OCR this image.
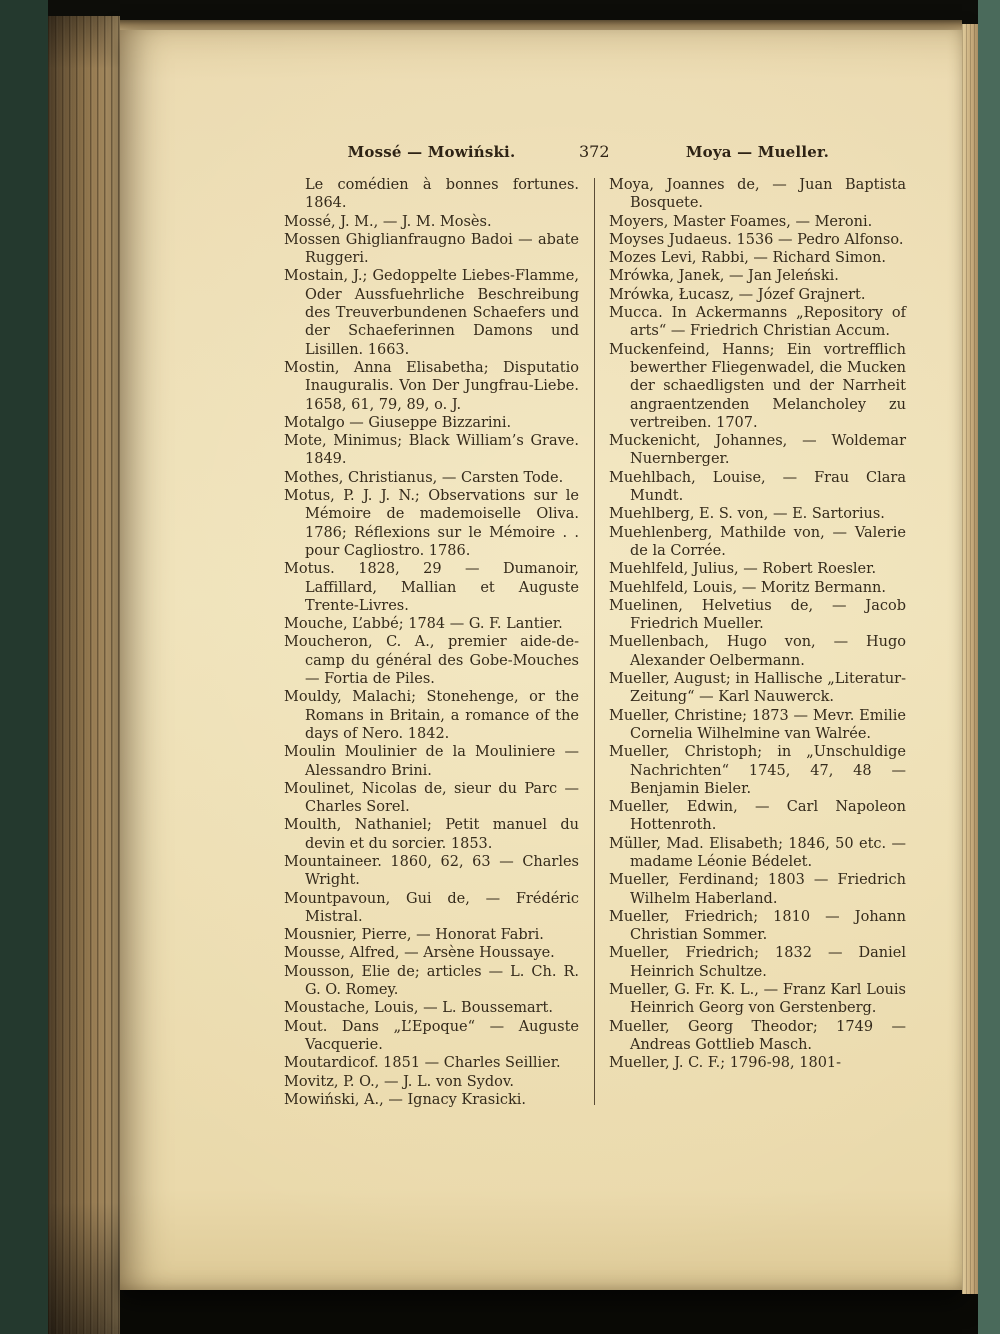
Mossé — Mowiński.	372	Moya — Mueller.

Le comédien à bonnes fortunes. 1864.

Mossé, J. M., — J. M. Mosès.

Mossen Ghiglianfraugno Badoi — abate Ruggeri.

Mostain, J.; Gedoppelte Liebes-Flamme, Oder Aussfuehrliche Beschreibung des Treuverbundenen Schaefers und der Schaeferinnen Damons und Lisillen. 1663.

Mostin, Anna Elisabetha; Disputatio Inauguralis. Von Der Jungfrau-Liebe. 1658, 61, 79, 89, o. J.

Motalgo — Giuseppe Bizzarini.

Mote, Minimus; Black William’s Grave. 1849.

Mothes, Christianus, — Carsten Tode.

Motus, P. J. J. N.; Observations sur le Mémoire de mademoiselle Oliva. 1786; Réflexions sur le Mémoire . . pour Cagliostro. 1786.

Motus. 1828, 29 — Dumanoir, Laffillard, Mallian et Auguste Trente-Livres.

Mouche, L’abbé; 1784 — G. F. Lantier.

Moucheron, C. A., premier aide-de-camp du général des Gobe-Mouches — Fortia de Piles.

Mouldy, Malachi; Stonehenge, or the Romans in Britain, a romance of the days of Nero. 1842.

Moulin Moulinier de la Mouliniere — Alessandro Brini.

Moulinet, Nicolas de, sieur du Parc — Charles Sorel.

Moulth, Nathaniel; Petit manuel du devin et du sorcier. 1853.

Mountaineer. 1860, 62, 63 — Charles Wright.

Mountpavoun, Gui de, — Frédéric Mistral.

Mousnier, Pierre, — Honorat Fabri.

Mousse, Alfred, — Arsène Houssaye.

Mousson, Elie de; articles — L. Ch. R. G. O. Romey.

Moustache, Louis, — L. Boussemart.

Mout. Dans „L’Epoque“ — Auguste Vacquerie.

Moutardicof. 1851 — Charles Seillier.

Movitz, P. O., — J. L. von Sydov.

Mowiński, A., — Ignacy Krasicki.

Moya, Joannes de, — Juan Baptista Bosquete.

Moyers, Master Foames, — Meroni.

Moyses Judaeus. 1536 — Pedro Alfonso.

Mozes Levi, Rabbi, — Richard Simon.

Mrówka, Janek, — Jan Jeleński.

Mrówka, Łucasz, — Józef Grajnert.

Mucca. In Ackermanns „Repository of arts“ — Friedrich Christian Accum.

Muckenfeind, Hanns; Ein vortrefflich bewerther Fliegenwadel, die Mucken der schaedligsten und der Narrheit angraentzenden Melancholey zu vertreiben. 1707.

Muckenicht, Johannes, — Woldemar Nuernberger.

Muehlbach, Louise, — Frau Clara Mundt.

Muehlberg, E. S. von, — E. Sartorius.

Muehlenberg, Mathilde von, — Valerie de la Corrée.

Muehlfeld, Julius, — Robert Roesler.

Muehlfeld, Louis, — Moritz Bermann.

Muelinen, Helvetius de, — Jacob Friedrich Mueller.

Muellenbach, Hugo von, — Hugo Alexander Oelbermann.

Mueller, August; in Hallische „Literatur-Zeitung“ — Karl Nauwerck.

Mueller, Christine; 1873 — Mevr. Emilie Cornelia Wilhelmine van Walrée.

Mueller, Christoph; in „Unschuldige Nachrichten“ 1745, 47, 48 — Benjamin Bieler.

Mueller, Edwin, — Carl Napoleon Hottenroth.

Müller, Mad. Elisabeth; 1846, 50 etc. — madame Léonie Bédelet.

Mueller, Ferdinand; 1803 — Friedrich Wilhelm Haberland.

Mueller, Friedrich; 1810 — Johann Christian Sommer.

Mueller, Friedrich; 1832 — Daniel Heinrich Schultze.

Mueller, G. Fr. K. L., — Franz Karl Louis Heinrich Georg von Gerstenberg.

Mueller, Georg Theodor; 1749 — Andreas Gottlieb Masch.

Mueller, J. C. F.; 1796-98, 1801-
